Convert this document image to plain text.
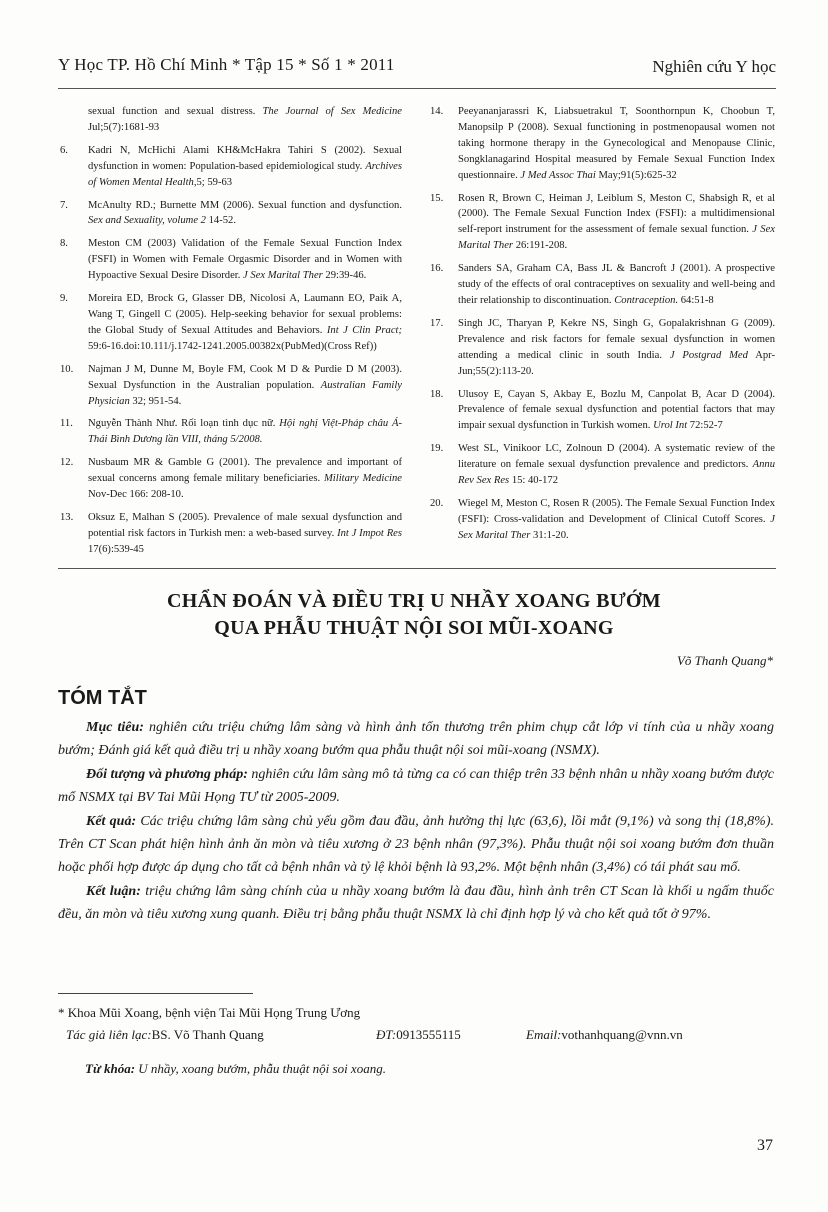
Y Học TP. Hồ Chí Minh * Tập 15 * Số 1 * 2011	Nghiên cứu Y học
sexual function and sexual distress. The Journal of Sex Medicine Jul;5(7):1681-93
6. Kadri N, McHichi Alami KH&McHakra Tahiri S (2002). Sexual dysfunction in women: Population-based epidemiological study. Archives of Women Mental Health,5; 59-63
7. McAnulty RD.; Burnette MM (2006). Sexual function and dysfunction. Sex and Sexuality, volume 2 14-52.
8. Meston CM (2003) Validation of the Female Sexual Function Index (FSFI) in Women with Female Orgasmic Disorder and in Women with Hypoactive Sexual Desire Disorder. J Sex Marital Ther 29:39-46.
9. Moreira ED, Brock G, Glasser DB, Nicolosi A, Laumann EO, Paik A, Wang T, Gingell C (2005). Help-seeking behavior for sexual problems: the Global Study of Sexual Attitudes and Behaviors. Int J Clin Pract; 59:6-16.doi:10.111/j.1742-1241.2005.00382x(PubMed)(Cross Ref))
10. Najman J M, Dunne M, Boyle FM, Cook M D & Purdie D M (2003). Sexual Dysfunction in the Australian population. Australian Family Physician 32; 951-54.
11. Nguyễn Thành Như. Rối loạn tình dục nữ. Hội nghị Việt-Pháp châu Á-Thái Bình Dương lần VIII, tháng 5/2008.
12. Nusbaum MR & Gamble G (2001). The prevalence and important of sexual concerns among female military beneficiaries. Military Medicine Nov-Dec 166: 208-10.
13. Oksuz E, Malhan S (2005). Prevalence of male sexual dysfunction and potential risk factors in Turkish men: a web-based survey. Int J Impot Res 17(6):539-45
14. Peeyananjarassri K, Liabsuetrakul T, Soonthornpun K, Choobun T, Manopsilp P (2008). Sexual functioning in postmenopausal women not taking hormone therapy in the Gynecological and Menopause Clinic, Songklanagarind Hospital measured by Female Sexual Function Index questionnaire. J Med Assoc Thai May;91(5):625-32
15. Rosen R, Brown C, Heiman J, Leiblum S, Meston C, Shabsigh R, et al (2000). The Female Sexual Function Index (FSFI): a multidimensional self-report instrument for the assessment of female sexual function. J Sex Marital Ther 26:191-208.
16. Sanders SA, Graham CA, Bass JL & Bancroft J (2001). A prospective study of the effects of oral contraceptives on sexuality and well-being and their relationship to discontinuation. Contraception. 64:51-8
17. Singh JC, Tharyan P, Kekre NS, Singh G, Gopalakrishnan G (2009). Prevalence and risk factors for female sexual dysfunction in women attending a medical clinic in south India. J Postgrad Med Apr-Jun;55(2):113-20.
18. Ulusoy E, Cayan S, Akbay E, Bozlu M, Canpolat B, Acar D (2004). Prevalence of female sexual dysfunction and potential factors that may impair sexual dysfunction in Turkish women. Urol Int 72:52-7
19. West SL, Vinikoor LC, Zolnoun D (2004). A systematic review of the literature on female sexual dysfunction prevalence and predictors. Annu Rev Sex Res 15: 40-172
20. Wiegel M, Meston C, Rosen R (2005). The Female Sexual Function Index (FSFI): Cross-validation and Development of Clinical Cutoff Scores. J Sex Marital Ther 31:1-20.
CHẨN ĐOÁN VÀ ĐIỀU TRỊ U NHẦY XOANG BƯỚM
QUA PHẪU THUẬT NỘI SOI MŨI-XOANG
Võ Thanh Quang*
TÓM TẮT

Mục tiêu: nghiên cứu triệu chứng lâm sàng và hình ảnh tổn thương trên phim chụp cắt lớp vi tính của u nhầy xoang bướm; Đánh giá kết quả điều trị u nhầy xoang bướm qua phẫu thuật nội soi mũi-xoang (NSMX).

Đối tượng và phương pháp: nghiên cứu lâm sàng mô tả từng ca có can thiệp trên 33 bệnh nhân u nhầy xoang bướm được mổ NSMX tại BV Tai Mũi Họng TƯ từ 2005-2009.

Kết quả: Các triệu chứng lâm sàng chủ yếu gồm đau đầu, ảnh hưởng thị lực (63,6), lồi mắt (9,1%) và song thị (18,8%). Trên CT Scan phát hiện hình ảnh ăn mòn và tiêu xương ở 23 bệnh nhân (97,3%). Phẫu thuật nội soi xoang bướm đơn thuần hoặc phối hợp được áp dụng cho tất cả bệnh nhân và tỷ lệ khỏi bệnh là 93,2%. Một bệnh nhân (3,4%) có tái phát sau mổ.

Kết luận: triệu chứng lâm sàng chính của u nhầy xoang bướm là đau đầu, hình ảnh trên CT Scan là khối u ngấm thuốc đều, ăn mòn và tiêu xương xung quanh. Điều trị bằng phẫu thuật NSMX là chỉ định hợp lý và cho kết quả tốt ở 97%.

* Khoa Mũi Xoang, bệnh viện Tai Mũi Họng Trung Ương
Tác giả liên lạc:BS. Võ Thanh Quang	ĐT:0913555115	Email:vothanhquang@vnn.vn
Từ khóa: U nhầy, xoang bướm, phẫu thuật nội soi xoang.
37
